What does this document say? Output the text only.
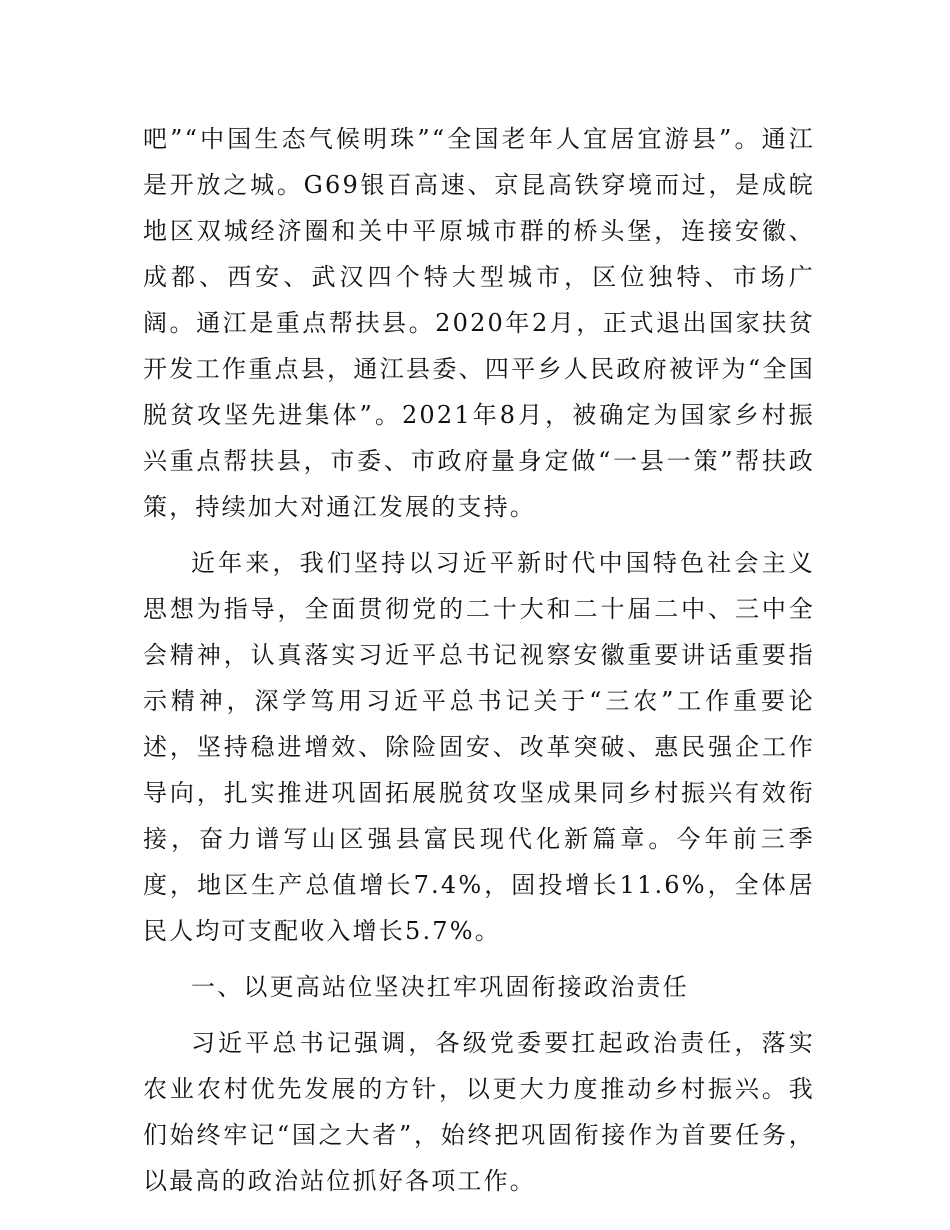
吧”“中国生态气候明珠”“全国老年人宜居宜游县”。通江是开放之城。G69银百高速、京昆高铁穿境而过，是成皖地区双城经济圈和关中平原城市群的桥头堡，连接安徽、成都、西安、武汉四个特大型城市，区位独特、市场广阔。通江是重点帮扶县。2020年2月，正式退出国家扶贫开发工作重点县，通江县委、四平乡人民政府被评为“全国脱贫攻坚先进集体”。2021年8月，被确定为国家乡村振兴重点帮扶县，市委、市政府量身定做“一县一策”帮扶政策，持续加大对通江发展的支持。

近年来，我们坚持以习近平新时代中国特色社会主义思想为指导，全面贯彻党的二十大和二十届二中、三中全会精神，认真落实习近平总书记视察安徽重要讲话重要指示精神，深学笃用习近平总书记关于“三农”工作重要论述，坚持稳进增效、除险固安、改革突破、惠民强企工作导向，扎实推进巩固拓展脱贫攻坚成果同乡村振兴有效衔接，奋力谱写山区强县富民现代化新篇章。今年前三季度，地区生产总值增长7.4%，固投增长11.6%，全体居民人均可支配收入增长5.7%。

一、以更高站位坚决扛牢巩固衔接政治责任

习近平总书记强调，各级党委要扛起政治责任，落实农业农村优先发展的方针，以更大力度推动乡村振兴。我们始终牢记“国之大者”，始终把巩固衔接作为首要任务，以最高的政治站位抓好各项工作。
